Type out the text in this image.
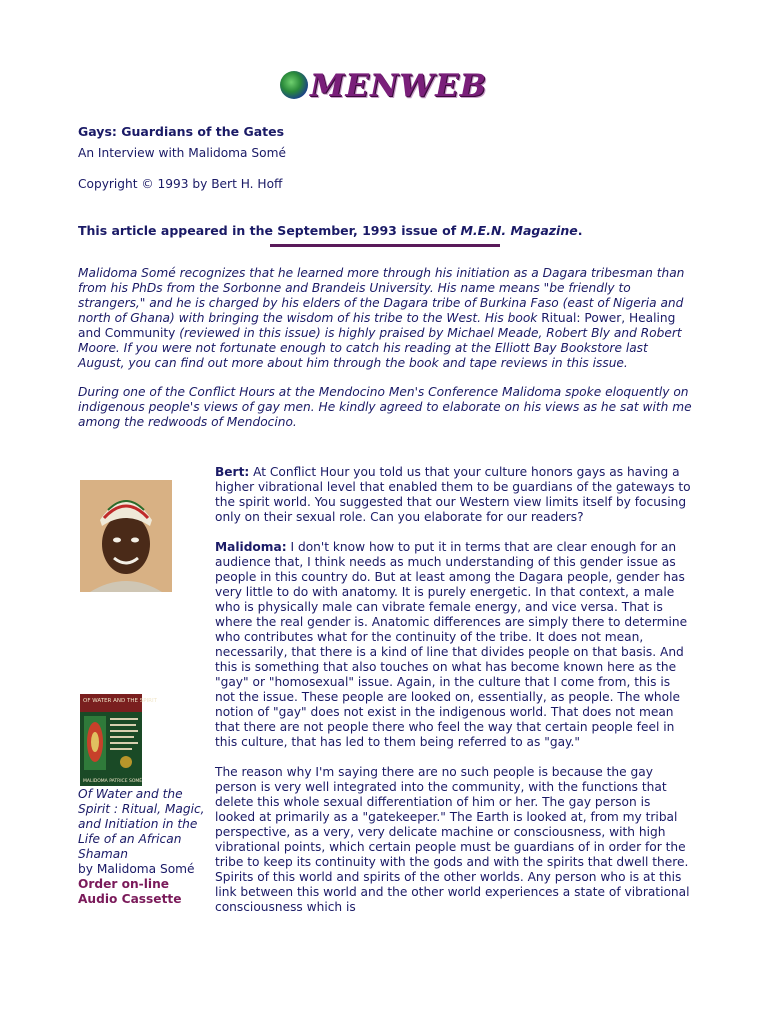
MENWEB
Gays: Guardians of the Gates
An Interview with Malidoma Somé
Copyright © 1993 by Bert H. Hoff
This article appeared in the September, 1993 issue of M.E.N. Magazine.

Malidoma Somé recognizes that he learned more through his initiation as a Dagara tribesman than from his PhDs from the Sorbonne and Brandeis University. His name means "be friendly to strangers," and he is charged by his elders of the Dagara tribe of Burkina Faso (east of Nigeria and north of Ghana) with bringing the wisdom of his tribe to the West. His book Ritual: Power, Healing and Community (reviewed in this issue) is highly praised by Michael Meade, Robert Bly and Robert Moore. If you were not fortunate enough to catch his reading at the Elliott Bay Bookstore last August, you can find out more about him through the book and tape reviews in this issue.

During one of the Conflict Hours at the Mendocino Men's Conference Malidoma spoke eloquently on indigenous people's views of gay men. He kindly agreed to elaborate on his views as he sat with me among the redwoods of Mendocino.

OF WATER AND THE SPIRIT
MALIDOMA PATRICE SOMÉ
Of Water and the Spirit : Ritual, Magic, and Initiation in the Life of an African Shaman
by Malidoma Somé
Order on-line Audio Cassette

Bert: At Conflict Hour you told us that your culture honors gays as having a higher vibrational level that enabled them to be guardians of the gateways to the spirit world. You suggested that our Western view limits itself by focusing only on their sexual role. Can you elaborate for our readers?

Malidoma: I don't know how to put it in terms that are clear enough for an audience that, I think needs as much understanding of this gender issue as people in this country do. But at least among the Dagara people, gender has very little to do with anatomy. It is purely energetic. In that context, a male who is physically male can vibrate female energy, and vice versa. That is where the real gender is. Anatomic differences are simply there to determine who contributes what for the continuity of the tribe. It does not mean, necessarily, that there is a kind of line that divides people on that basis. And this is something that also touches on what has become known here as the "gay" or "homosexual" issue. Again, in the culture that I come from, this is not the issue. These people are looked on, essentially, as people. The whole notion of "gay" does not exist in the indigenous world. That does not mean that there are not people there who feel the way that certain people feel in this culture, that has led to them being referred to as "gay."

The reason why I'm saying there are no such people is because the gay person is very well integrated into the community, with the functions that delete this whole sexual differentiation of him or her. The gay person is looked at primarily as a "gatekeeper." The Earth is looked at, from my tribal perspective, as a very, very delicate machine or consciousness, with high vibrational points, which certain people must be guardians of in order for the tribe to keep its continuity with the gods and with the spirits that dwell there. Spirits of this world and spirits of the other worlds. Any person who is at this link between this world and the other world experiences a state of vibrational consciousness which is
